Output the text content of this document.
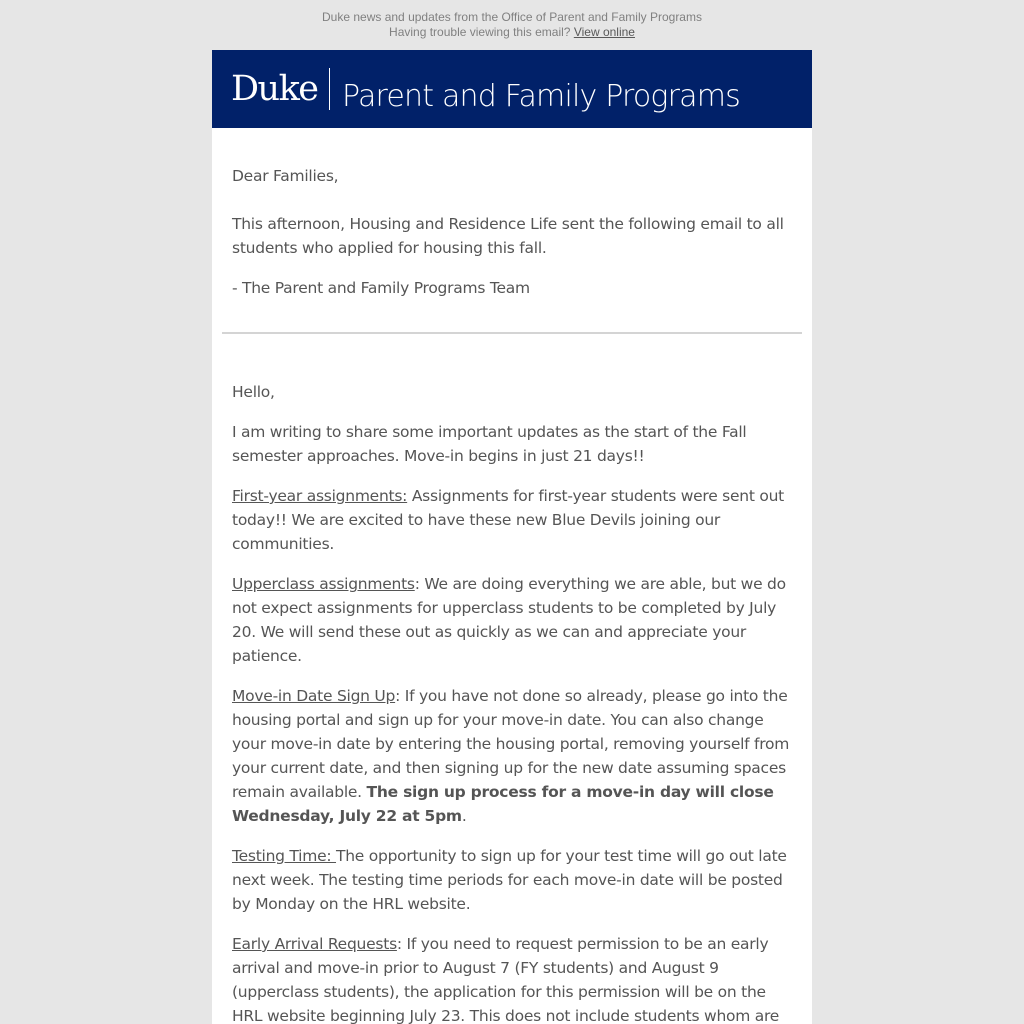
Duke news and updates from the Office of Parent and Family Programs
Having trouble viewing this email? View online
Duke Parent and Family Programs

Dear Families,

This afternoon, Housing and Residence Life sent the following email to all students who applied for housing this fall.

- The Parent and Family Programs Team

Hello,

I am writing to share some important updates as the start of the Fall semester approaches. Move-in begins in just 21 days!!

First-year assignments: Assignments for first-year students were sent out today!! We are excited to have these new Blue Devils joining our communities.

Upperclass assignments: We are doing everything we are able, but we do not expect assignments for upperclass students to be completed by July 20. We will send these out as quickly as we can and appreciate your patience.

Move-in Date Sign Up: If you have not done so already, please go into the housing portal and sign up for your move-in date. You can also change your move-in date by entering the housing portal, removing yourself from your current date, and then signing up for the new date assuming spaces remain available. The sign up process for a move-in day will close Wednesday, July 22 at 5pm.

Testing Time: The opportunity to sign up for your test time will go out late next week. The testing time periods for each move-in date will be posted by Monday on the HRL website.

Early Arrival Requests: If you need to request permission to be an early arrival and move-in prior to August 7 (FY students) and August 9 (upperclass students), the application for this permission will be on the HRL website beginning July 23. This does not include students whom are
